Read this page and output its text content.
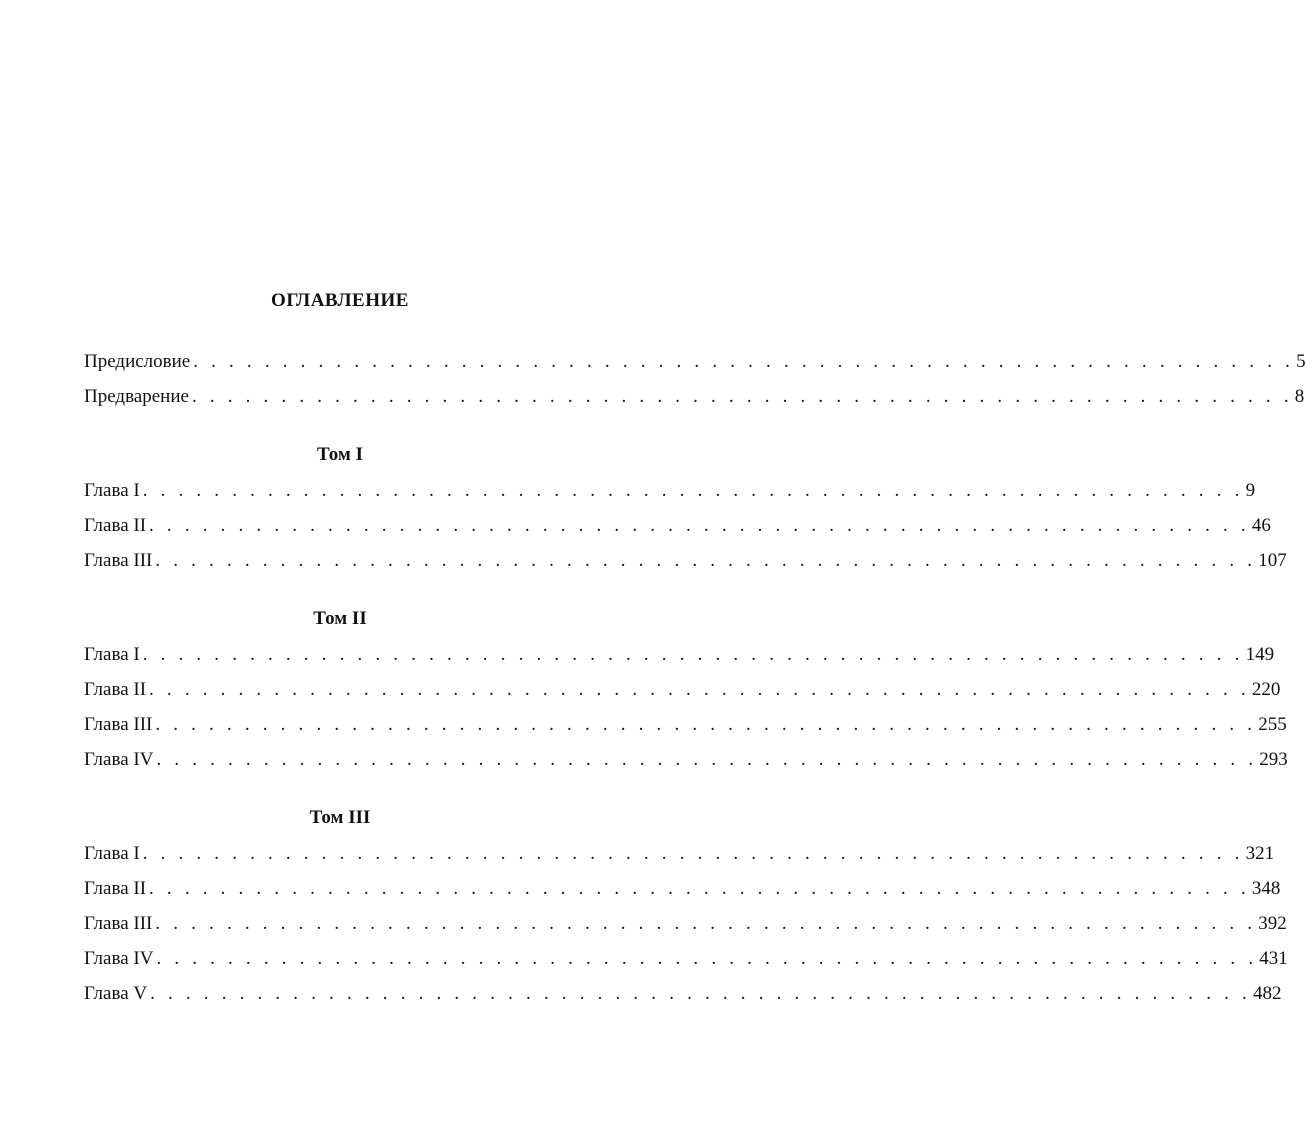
ОГЛАВЛЕНИЕ
Предисловие . . . . . . . . . . . . . . . . . . . . . . . . . . . . . . . . . . . . . . . . . . . . . . . . . . . . . . . . . . . . . . 5
Предварение . . . . . . . . . . . . . . . . . . . . . . . . . . . . . . . . . . . . . . . . . . . . . . . . . . . . . . . . . . . . . . 8
Том I
Глава I . . . . . . . . . . . . . . . . . . . . . . . . . . . . . . . . . . . . . . . . . . . . . . . . . . . . . . . . . . . . . . 9
Глава II . . . . . . . . . . . . . . . . . . . . . . . . . . . . . . . . . . . . . . . . . . . . . . . . . . . . . . . . . . . . . . 46
Глава III . . . . . . . . . . . . . . . . . . . . . . . . . . . . . . . . . . . . . . . . . . . . . . . . . . . . . . . . . . . . . . 107
Том II
Глава I . . . . . . . . . . . . . . . . . . . . . . . . . . . . . . . . . . . . . . . . . . . . . . . . . . . . . . . . . . . . . . 149
Глава II . . . . . . . . . . . . . . . . . . . . . . . . . . . . . . . . . . . . . . . . . . . . . . . . . . . . . . . . . . . . . . 220
Глава III . . . . . . . . . . . . . . . . . . . . . . . . . . . . . . . . . . . . . . . . . . . . . . . . . . . . . . . . . . . . . . 255
Глава IV . . . . . . . . . . . . . . . . . . . . . . . . . . . . . . . . . . . . . . . . . . . . . . . . . . . . . . . . . . . . . . 293
Том III
Глава I . . . . . . . . . . . . . . . . . . . . . . . . . . . . . . . . . . . . . . . . . . . . . . . . . . . . . . . . . . . . . . 321
Глава II . . . . . . . . . . . . . . . . . . . . . . . . . . . . . . . . . . . . . . . . . . . . . . . . . . . . . . . . . . . . . . 348
Глава III . . . . . . . . . . . . . . . . . . . . . . . . . . . . . . . . . . . . . . . . . . . . . . . . . . . . . . . . . . . . . . 392
Глава IV . . . . . . . . . . . . . . . . . . . . . . . . . . . . . . . . . . . . . . . . . . . . . . . . . . . . . . . . . . . . . . 431
Глава V . . . . . . . . . . . . . . . . . . . . . . . . . . . . . . . . . . . . . . . . . . . . . . . . . . . . . . . . . . . . . . 482
